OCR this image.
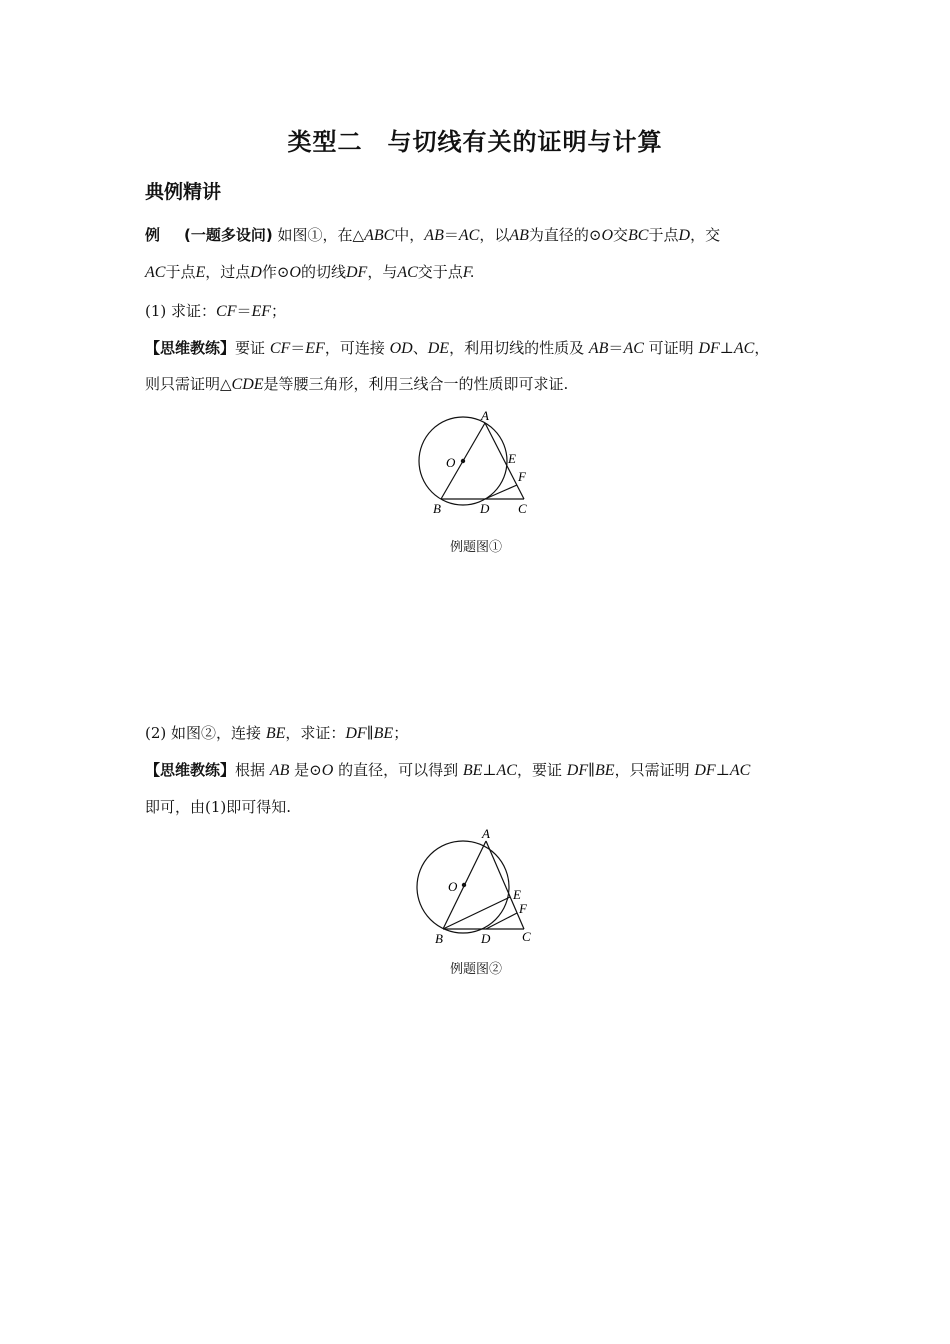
类型二　与切线有关的证明与计算
典例精讲
例 (一题多设问) 如图①，在△ABC中，AB＝AC，以AB为直径的⊙O交BC于点D，交
AC于点E，过点D作⊙O的切线DF，与AC交于点F.
(1) 求证：CF＝EF；
【思维教练】要证 CF＝EF，可连接 OD、DE，利用切线的性质及 AB＝AC 可证明 DF⊥AC，
则只需证明△CDE是等腰三角形，利用三线合一的性质即可求证.
A
O	E
F
B	D C
例题图①
(2) 如图②，连接 BE，求证：DF∥BE；
【思维教练】根据 AB 是⊙O 的直径，可以得到 BE⊥AC，要证 DF∥BE，只需证明 DF⊥AC
即可，由(1)即可得知.
A
O
E
F
B	D C
例题图②
